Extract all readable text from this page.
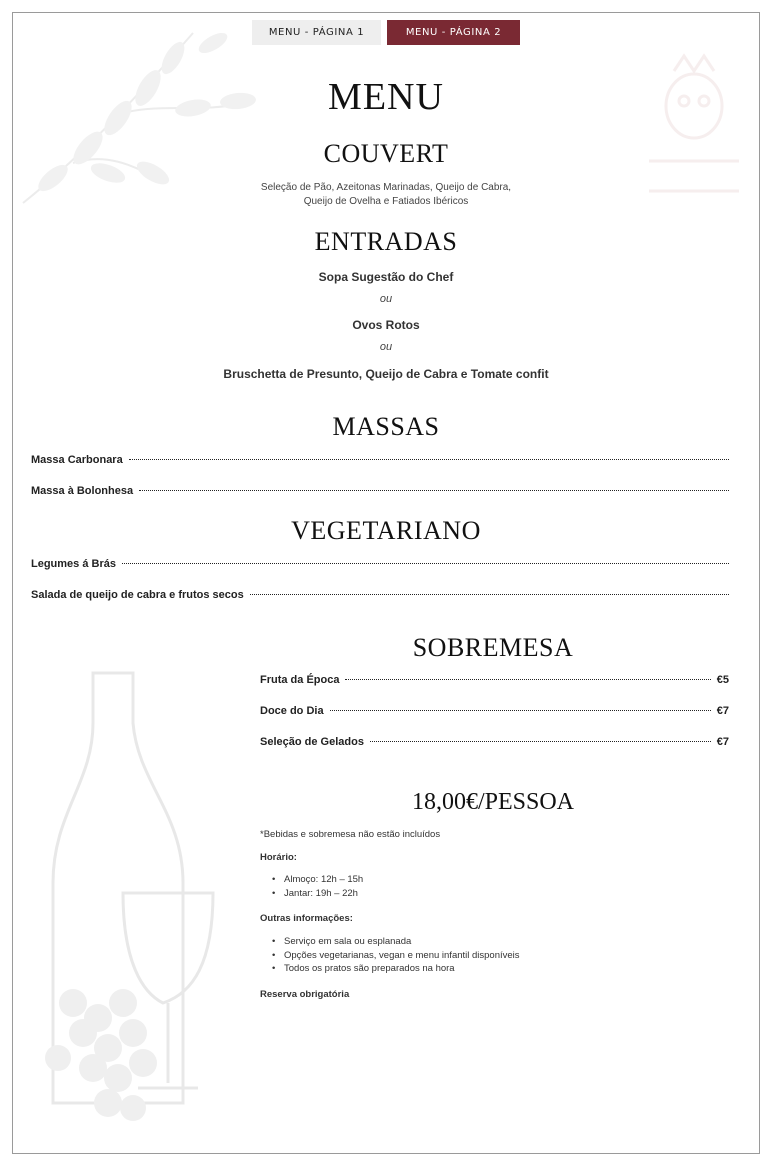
MENU - PÁGINA 1	MENU - PÁGINA 2
MENU
COUVERT
Seleção de Pão, Azeitonas Marinadas, Queijo de Cabra,
Queijo de Ovelha e Fatiados Ibéricos
ENTRADAS
Sopa Sugestão do Chef
ou
Ovos Rotos
ou
Bruschetta de Presunto, Queijo de Cabra e Tomate confit
MASSAS
Massa Carbonara
Massa à Bolonhesa
VEGETARIANO
Legumes á Brás
Salada de queijo de cabra e frutos secos
SOBREMESA
Fruta da Época	€5
Doce do Dia	€7
Seleção de Gelados	€7
18,00€/PESSOA
*Bebidas e sobremesa não estão incluídos
Horário:
• Almoço: 12h – 15h
• Jantar: 19h – 22h
Outras informações:
• Serviço em sala ou esplanada
• Opções vegetarianas, vegan e menu infantil disponíveis
• Todos os pratos são preparados na hora
Reserva obrigatória
